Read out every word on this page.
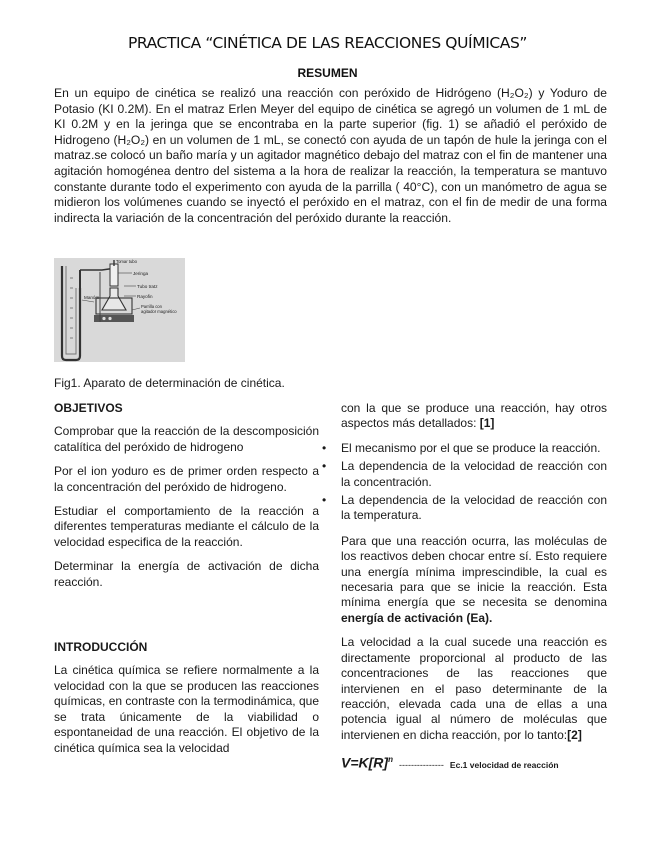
PRACTICA “CINÉTICA DE LAS REACCIONES QUÍMICAS”
RESUMEN

En un equipo de cinética se realizó una reacción con peróxido de Hidrógeno (H₂O₂) y Yoduro de Potasio (KI 0.2M). En el matraz Erlen Meyer del equipo de cinética se agregó un volumen de 1 mL de KI 0.2M y en la jeringa que se encontraba en la parte superior (fig. 1) se añadió el peróxido de Hidrogeno (H₂O₂) en un volumen de 1 mL, se conectó con ayuda de un tapón de hule la jeringa con el matraz.se colocó un baño maría y un agitador magnético debajo del matraz con el fin de mantener una agitación homogénea dentro del sistema a la hora de realizar la reacción, la temperatura se mantuvo constante durante todo el experimento con ayuda de la parrilla ( 40°C), con un manómetro de agua se midieron los volúmenes cuando se inyectó el peróxido en el matraz, con el fin de medir de una forma indirecta la variación de la concentración del peróxido durante la reacción.

Tomar tubo
Jeringa
Tubo tratz
Rayofin
Manóm
Parrilla con
agitador magnético

Fig1. Aparato de determinación de cinética.

OBJETIVOS

Comprobar que la reacción de la descomposición catalítica del peróxido de hidrogeno

Por el ion yoduro es de primer orden respecto a la concentración del peróxido de hidrogeno.

Estudiar el comportamiento de la reacción a diferentes temperaturas mediante el cálculo de la velocidad especifica de la reacción.

Determinar la energía de activación de dicha reacción.

INTRODUCCIÓN

La cinética química se refiere normalmente a la velocidad con la que se producen las reacciones químicas, en contraste con la termodinámica, que se trata únicamente de la viabilidad o espontaneidad de una reacción. El objetivo de la cinética química sea la velocidad

con la que se produce una reacción, hay otros aspectos más detallados: [1]

• El mecanismo por el que se produce la reacción.
• La dependencia de la velocidad de reacción con la concentración.
• La dependencia de la velocidad de reacción con la temperatura.

Para que una reacción ocurra, las moléculas de los reactivos deben chocar entre sí. Esto requiere una energía mínima imprescindible, la cual es necesaria para que se inicie la reacción. Esta mínima energía que se necesita se denomina energía de activación (Ea).

La velocidad a la cual sucede una reacción es directamente proporcional al producto de las concentraciones de las reacciones que intervienen en el paso determinante de la reacción, elevada cada una de ellas a una potencia igual al número de moléculas que intervienen en dicha reacción, por lo tanto:[2]

$V=K[R]^n$
--------------- Ec.1 velocidad de reacción
